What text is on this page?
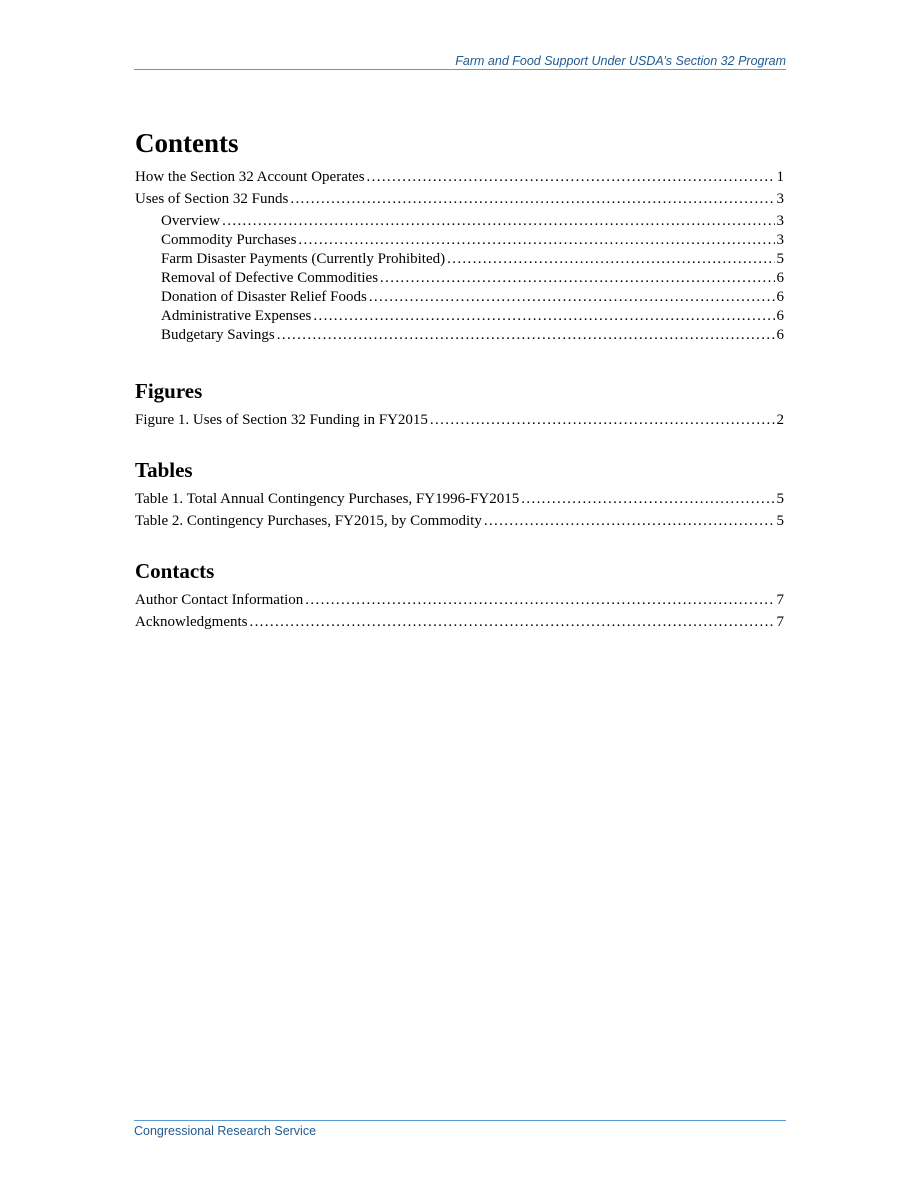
Farm and Food Support Under USDA’s Section 32 Program
Contents
How the Section 32 Account Operates . . .	1
Uses of Section 32 Funds . . .	3
Overview . . .	3
Commodity Purchases . . .	3
Farm Disaster Payments (Currently Prohibited) . . .	5
Removal of Defective Commodities . . .	6
Donation of Disaster Relief Foods . . .	6
Administrative Expenses . . .	6
Budgetary Savings . . .	6
Figures
Figure 1. Uses of Section 32 Funding in FY2015 . . .	2
Tables
Table 1. Total Annual Contingency Purchases, FY1996-FY2015 . . .	5
Table 2. Contingency Purchases, FY2015, by Commodity . . .	5
Contacts
Author Contact Information . . .	7
Acknowledgments . . .	7
Congressional Research Service
